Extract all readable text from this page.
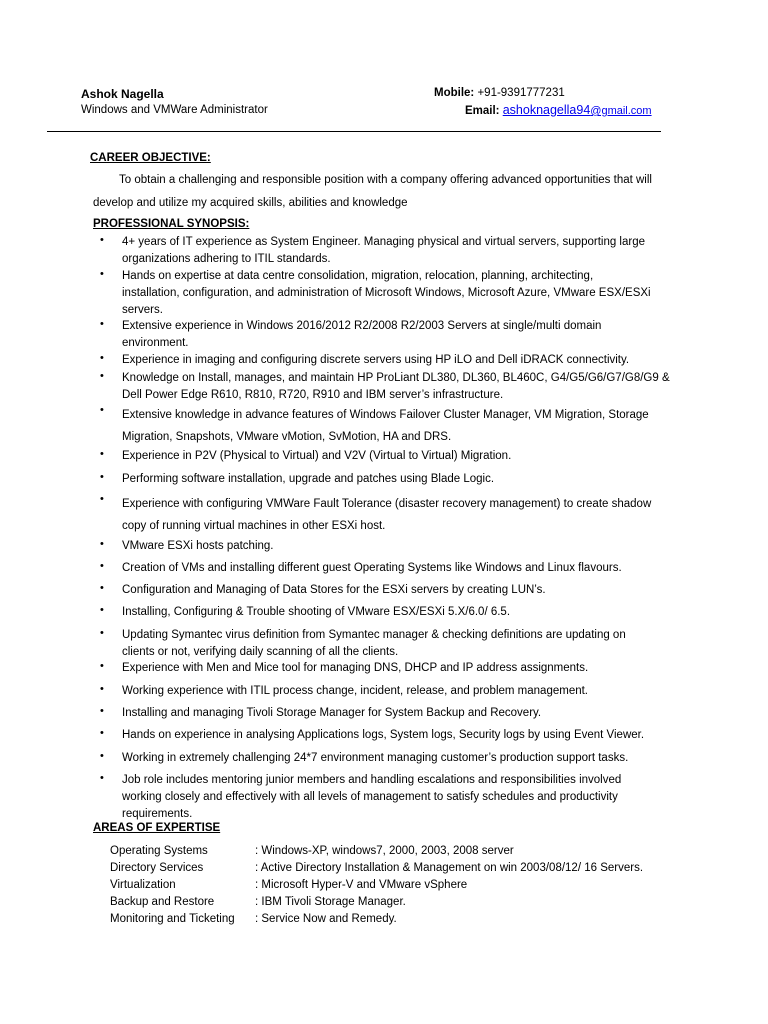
Ashok Nagella
Windows and VMWare Administrator
Mobile: +91-9391777231
Email: ashoknagella94@gmail.com
CAREER OBJECTIVE:
To obtain a challenging and responsible position with a company offering advanced opportunities that will
develop and utilize my acquired skills, abilities and knowledge
PROFESSIONAL SYNOPSIS:
• 4+ years of IT experience as System Engineer. Managing physical and virtual servers, supporting large
organizations adhering to ITIL standards.
• Hands on expertise at data centre consolidation, migration, relocation, planning, architecting,
installation, configuration, and administration of Microsoft Windows, Microsoft Azure, VMware ESX/ESXi
servers.
• Extensive experience in Windows 2016/2012 R2/2008 R2/2003 Servers at single/multi domain
environment.
• Experience in imaging and configuring discrete servers using HP iLO and Dell iDRACK connectivity.
• Knowledge on Install, manages, and maintain HP ProLiant DL380, DL360, BL460C, G4/G5/G6/G7/G8/G9 &
Dell Power Edge R610, R810, R720, R910 and IBM server’s infrastructure.
• Extensive knowledge in advance features of Windows Failover Cluster Manager, VM Migration, Storage
Migration, Snapshots, VMware vMotion, SvMotion, HA and DRS.
• Experience in P2V (Physical to Virtual) and V2V (Virtual to Virtual) Migration.
• Performing software installation, upgrade and patches using Blade Logic.
• Experience with configuring VMWare Fault Tolerance (disaster recovery management) to create shadow
copy of running virtual machines in other ESXi host.
• VMware ESXi hosts patching.
• Creation of VMs and installing different guest Operating Systems like Windows and Linux flavours.
• Configuration and Managing of Data Stores for the ESXi servers by creating LUN’s.
• Installing, Configuring & Trouble shooting of VMware ESX/ESXi 5.X/6.0/ 6.5.
• Updating Symantec virus definition from Symantec manager & checking definitions are updating on
clients or not, verifying daily scanning of all the clients.
• Experience with Men and Mice tool for managing DNS, DHCP and IP address assignments.
• Working experience with ITIL process change, incident, release, and problem management.
• Installing and managing Tivoli Storage Manager for System Backup and Recovery.
• Hands on experience in analysing Applications logs, System logs, Security logs by using Event Viewer.
• Working in extremely challenging 24*7 environment managing customer’s production support tasks.
• Job role includes mentoring junior members and handling escalations and responsibilities involved
working closely and effectively with all levels of management to satisfy schedules and productivity
requirements.
AREAS OF EXPERTISE
Operating Systems	: Windows-XP, windows7, 2000, 2003, 2008 server
Directory Services	: Active Directory Installation & Management on win 2003/08/12/ 16 Servers.
Virtualization	: Microsoft Hyper-V and VMware vSphere
Backup and Restore	: IBM Tivoli Storage Manager.
Monitoring and Ticketing : Service Now and Remedy.
